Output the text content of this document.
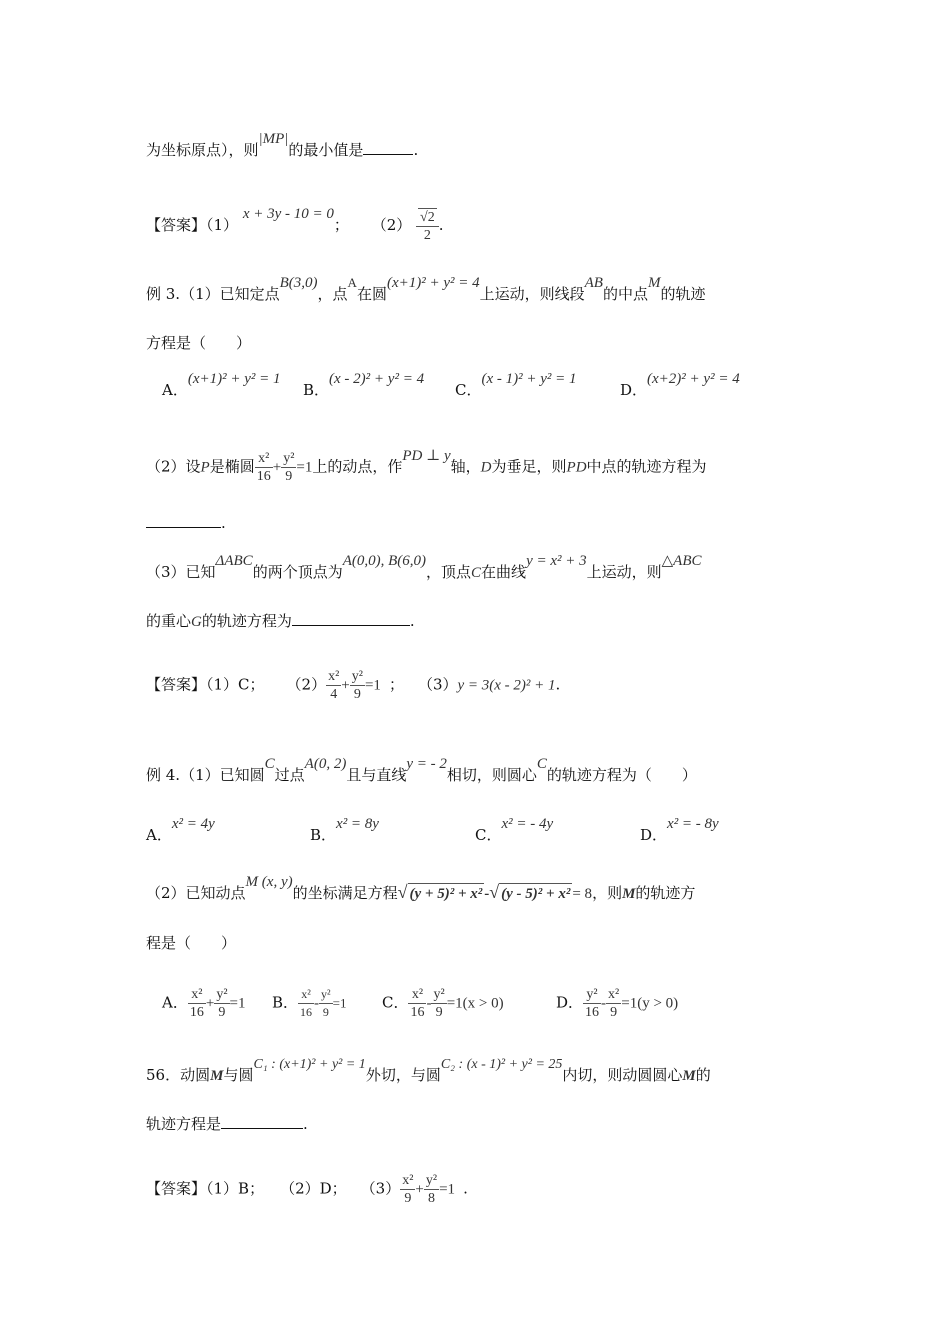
为坐标原点），则|MP|的最小值是	.
【答案】（1） x + 3y - 10 = 0； $(2) \frac{√2}{2}$ .
例 3.（1）已知定点B(3,0)，点A在圆(x+1)² + y² = 4上运动，则线段AB的中点M的轨迹
方程是（　　）
A．(x+1)² + y² = 1
B．(x - 2)² + y² = 4
C．(x - 1)² + y² = 1
D．(x+2)² + y² = 4
（2）设P是椭圆 $\frac{\text{x²}}{16} + \frac{\text{y²}}{9} =1$上的动点，作PD ⊥ y轴，D为垂足，则PD中点的轨迹方程为
.
（3）已知ΔABC的两个顶点为A(0,0), B(6,0)，顶点C在曲线y = x² + 3上运动，则△ABC
的重心G的轨迹方程为	.
【答案】（1）C； $(2) \frac{\text{x²}}{4} + \frac{\text{y²}}{9} =1$ ； （3）y = 3(x - 2)² + 1.
例 4.（1）已知圆C过点A(0, 2)且与直线y = - 2相切，则圆心C的轨迹方程为（　　）
A．x² = 4y
B．x² = 8y
C．x² = - 4y
D．x² = - 8y
（2）已知动点M (x, y)的坐标满足方程√ (y + 5)² + x² -√ (y - 5)² + x² = 8，则M的轨迹方
程是（　　）
A． $\frac{\text{x²}}{16} + \frac{\text{y²}}{9} =1$ B． $\frac{\text{x²}}{16} - \frac{\text{y²}}{9} =1$ C． $\frac{\text{x²}}{16} - \frac{\text{y²}}{9} =1(x > 0)$	D． $\frac{\text{y²}}{16} - \frac{\text{x²}}{9} =1(y > 0)$
56．动圆M与圆C₁ : (x+1)² + y² = 1外切，与圆C₂ : (x - 1)² + y² = 25内切，则动圆圆心M的
轨迹方程是	.
【答案】（1）B； （2）D； $(3) \frac{\text{x²}}{9} + \frac{\text{y²}}{8} =1$ .
